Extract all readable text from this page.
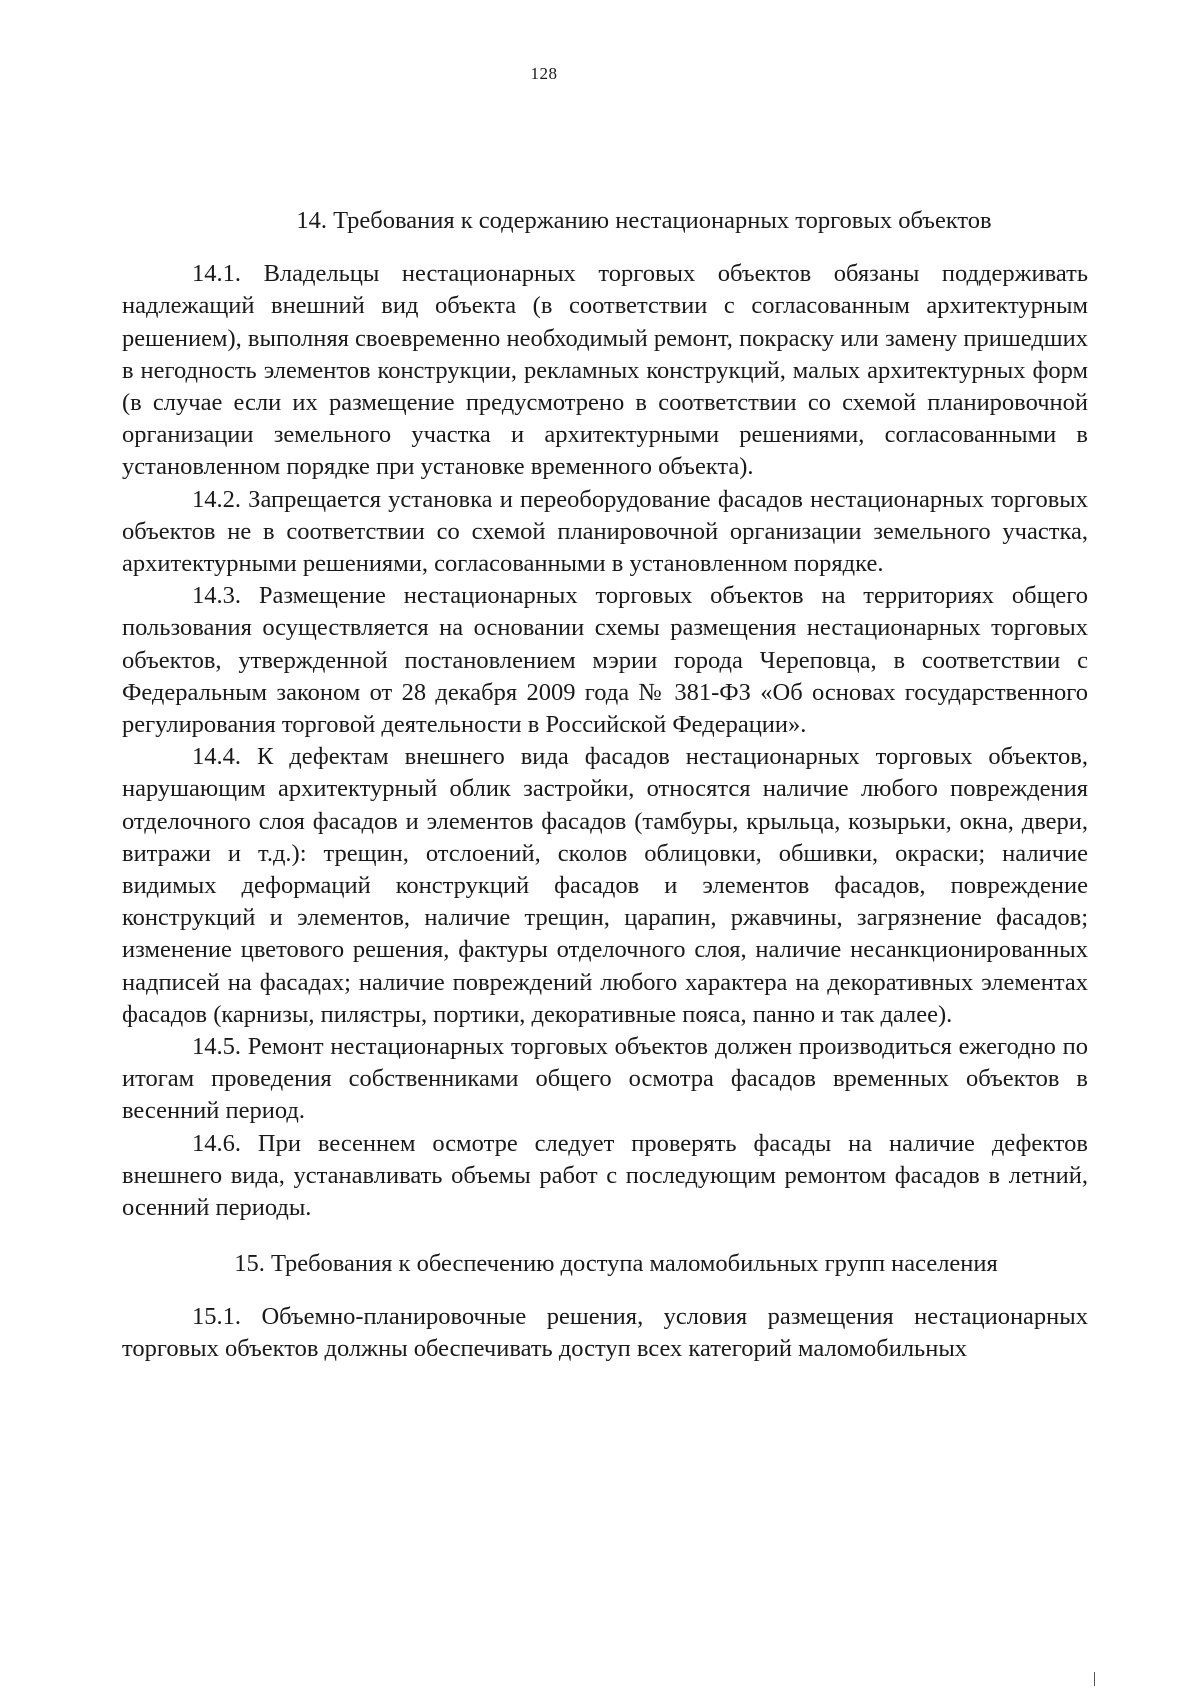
128
14. Требования к содержанию нестационарных торговых объектов

14.1. Владельцы нестационарных торговых объектов обязаны поддерживать надлежащий внешний вид объекта (в соответствии с согласованным архитектурным решением), выполняя своевременно необходимый ремонт, покраску или замену пришедших в негодность элементов конструкции, рекламных конструкций, малых архитектурных форм (в случае если их размещение предусмотрено в соответствии со схемой планировочной организации земельного участка и архитектурными решениями, согласованными в установленном порядке при установке временного объекта).

14.2. Запрещается установка и переоборудование фасадов нестационарных торговых объектов не в соответствии со схемой планировочной организации земельного участка, архитектурными решениями, согласованными в установленном порядке.

14.3. Размещение нестационарных торговых объектов на территориях общего пользования осуществляется на основании схемы размещения нестационарных торговых объектов, утвержденной постановлением мэрии города Череповца, в соответствии с Федеральным законом от 28 декабря 2009 года № 381-ФЗ «Об основах государственного регулирования торговой деятельности в Российской Федерации».

14.4. К дефектам внешнего вида фасадов нестационарных торговых объектов, нарушающим архитектурный облик застройки, относятся наличие любого повреждения отделочного слоя фасадов и элементов фасадов (тамбуры, крыльца, козырьки, окна, двери, витражи и т.д.): трещин, отслоений, сколов облицовки, обшивки, окраски; наличие видимых деформаций конструкций фасадов и элементов фасадов, повреждение конструкций и элементов, наличие трещин, царапин, ржавчины, загрязнение фасадов; изменение цветового решения, фактуры отделочного слоя, наличие несанкционированных надписей на фасадах; наличие повреждений любого характера на декоративных элементах фасадов (карнизы, пилястры, портики, декоративные пояса, панно и так далее).

14.5. Ремонт нестационарных торговых объектов должен производиться ежегодно по итогам проведения собственниками общего осмотра фасадов временных объектов в весенний период.

14.6. При весеннем осмотре следует проверять фасады на наличие дефектов внешнего вида, устанавливать объемы работ с последующим ремонтом фасадов в летний, осенний периоды.

15. Требования к обеспечению доступа маломобильных групп населения

15.1. Объемно-планировочные решения, условия размещения нестационарных торговых объектов должны обеспечивать доступ всех категорий маломобильных
